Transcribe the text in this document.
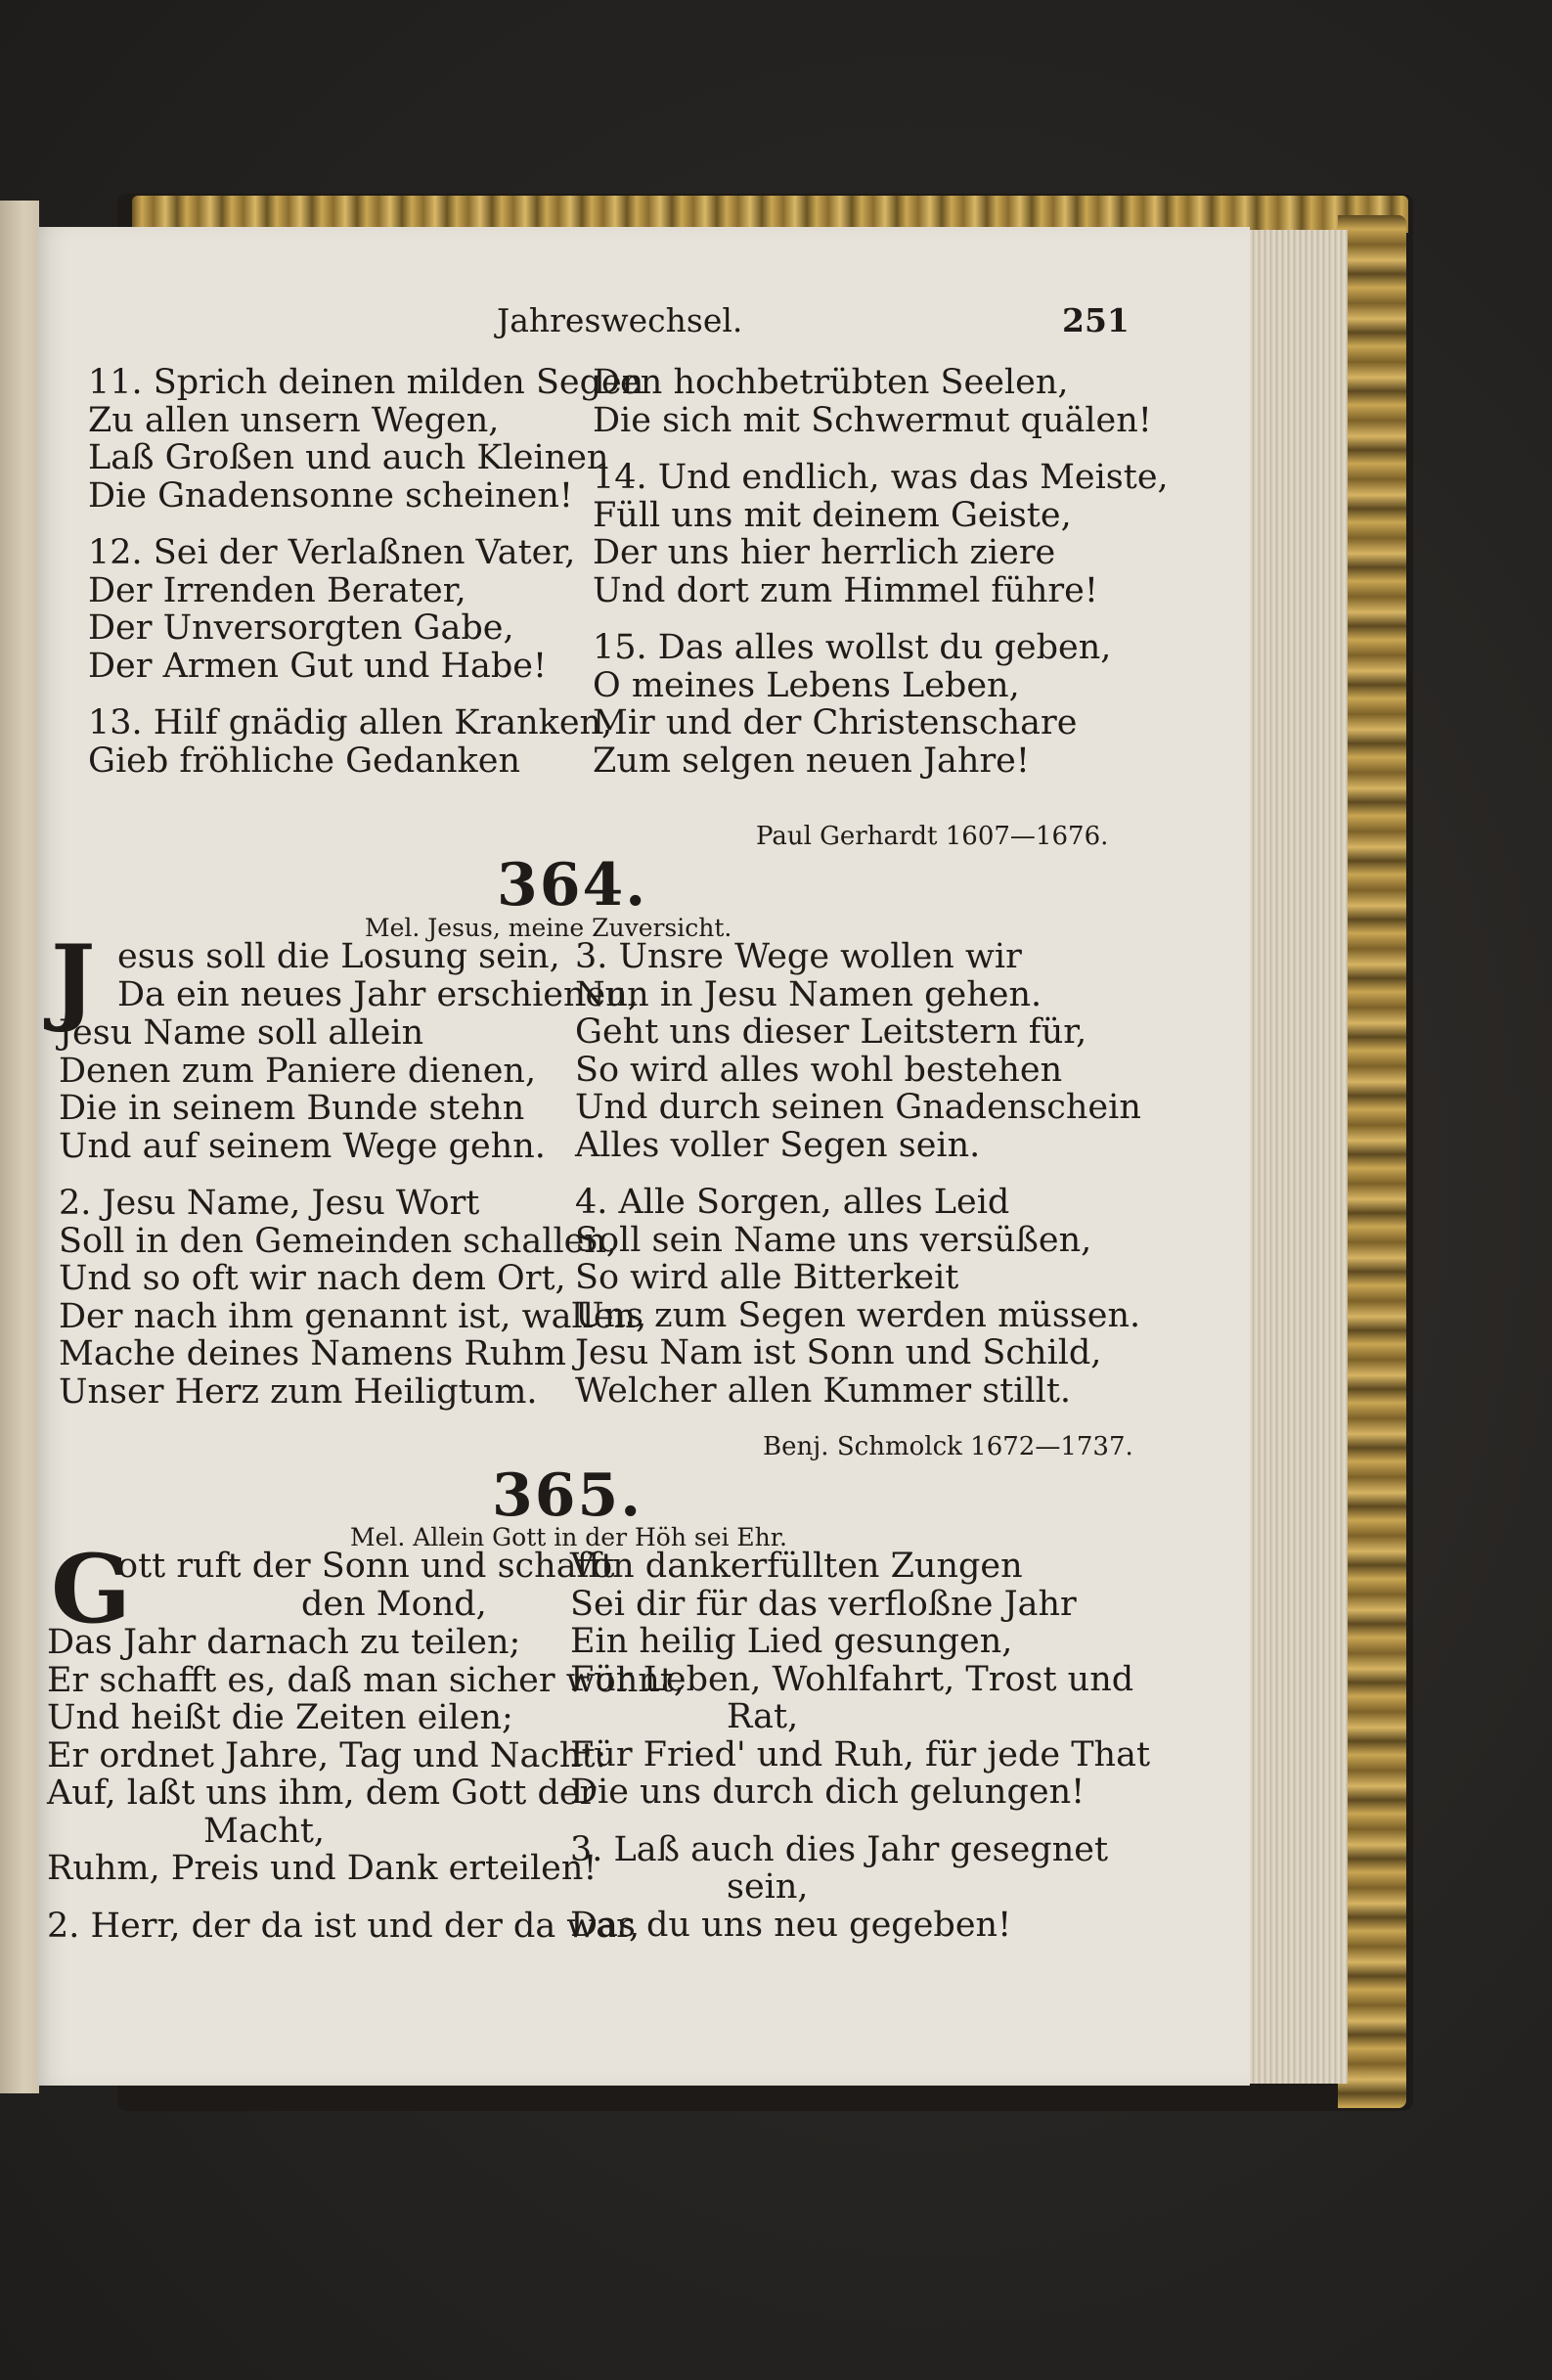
Jahreswechsel.	251
11. Sprich deinen milden Segen
Zu allen unsern Wegen,
Laß Großen und auch Kleinen
Die Gnadensonne scheinen!
12. Sei der Verlaßnen Vater,
Der Irrenden Berater,
Der Unversorgten Gabe,
Der Armen Gut und Habe!
13. Hilf gnädig allen Kranken,
Gieb fröhliche Gedanken
Den hochbetrübten Seelen,
Die sich mit Schwermut quälen!
14. Und endlich, was das Meiste,
Füll uns mit deinem Geiste,
Der uns hier herrlich ziere
Und dort zum Himmel führe!
15. Das alles wollst du geben,
O meines Lebens Leben,
Mir und der Christenschare
Zum selgen neuen Jahre!
Paul Gerhardt 1607—1676.
364.
Mel. Jesus, meine Zuversicht.
J esus soll die Losung sein,
Da ein neues Jahr erschienen,
Jesu Name soll allein
Denen zum Paniere dienen,
Die in seinem Bunde stehn
Und auf seinem Wege gehn.
2. Jesu Name, Jesu Wort
Soll in den Gemeinden schallen,
Und so oft wir nach dem Ort,
Der nach ihm genannt ist, wallen,
Mache deines Namens Ruhm
Unser Herz zum Heiligtum.
3. Unsre Wege wollen wir
Nun in Jesu Namen gehen.
Geht uns dieser Leitstern für,
So wird alles wohl bestehen
Und durch seinen Gnadenschein
Alles voller Segen sein.
4. Alle Sorgen, alles Leid
Soll sein Name uns versüßen,
So wird alle Bitterkeit
Uns zum Segen werden müssen.
Jesu Nam ist Sonn und Schild,
Welcher allen Kummer stillt.
Benj. Schmolck 1672—1737.
365.
Mel. Allein Gott in der Höh sei Ehr.
G
ott ruft der Sonn und schafft
den Mond,
Das Jahr darnach zu teilen;
Er schafft es, daß man sicher wohnt,
Und heißt die Zeiten eilen;
Er ordnet Jahre, Tag und Nacht:
Auf, laßt uns ihm, dem Gott der
Macht,
Ruhm, Preis und Dank erteilen!
2. Herr, der da ist und der da war,
Von dankerfüllten Zungen
Sei dir für das verfloßne Jahr
Ein heilig Lied gesungen,
Für Leben, Wohlfahrt, Trost und
Rat,
Für Fried' und Ruh, für jede That
Die uns durch dich gelungen!
3. Laß auch dies Jahr gesegnet
sein,
Das du uns neu gegeben!
